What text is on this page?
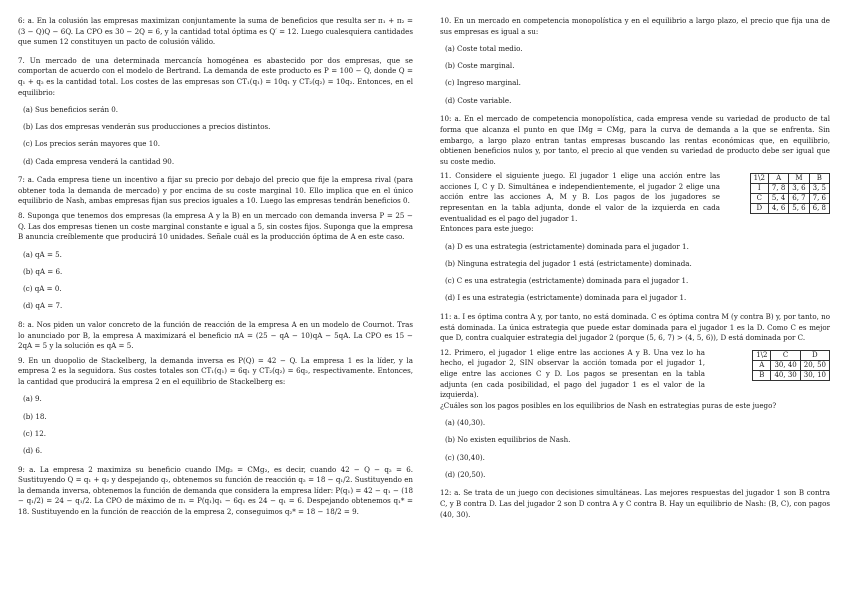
6: a. En la colusión las empresas maximizan conjuntamente la suma de beneficios que resulta ser π₁ + π₂ = (3 − Q)Q − 6Q. La CPO es 30 − 2Q = 6, y la cantidad total óptima es Q′ = 12. Luego cualesquiera cantidades que sumen 12 constituyen un pacto de colusión válido.

7. Un mercado de una determinada mercancía homogénea es abastecido por dos empresas, que se comportan de acuerdo con el modelo de Bertrand. La demanda de este producto es P = 100 − Q, donde Q = q₁ + q₂ es la cantidad total. Los costes de las empresas son CT₁(q₁) = 10q₁ y CT₂(q₂) = 10q₂. Entonces, en el equilibrio:

(a) Sus beneficios serán 0.

(b) Las dos empresas venderán sus producciones a precios distintos.

(c) Los precios serán mayores que 10.

(d) Cada empresa venderá la cantidad 90.

7: a. Cada empresa tiene un incentivo a fijar su precio por debajo del precio que fije la empresa rival (para obtener toda la demanda de mercado) y por encima de su coste marginal 10. Ello implica que en el único equilibrio de Nash, ambas empresas fijan sus precios iguales a 10. Luego las empresas tendrán beneficios 0.

8. Suponga que tenemos dos empresas (la empresa A y la B) en un mercado con demanda inversa P = 25 − Q. Las dos empresas tienen un coste marginal constante e igual a 5, sin costes fijos. Suponga que la empresa B anuncia creíblemente que producirá 10 unidades. Señale cuál es la producción óptima de A en este caso.

(a) qA = 5.

(b) qA = 6.

(c) qA = 0.

(d) qA = 7.

8: a. Nos piden un valor concreto de la función de reacción de la empresa A en un modelo de Cournot. Tras lo anunciado por B, la empresa A maximizará el beneficio πA = (25 − qA − 10)qA − 5qA. La CPO es 15 − 2qA = 5 y la solución es qA = 5.

9. En un duopolio de Stackelberg, la demanda inversa es P(Q) = 42 − Q. La empresa 1 es la líder, y la empresa 2 es la seguidora. Sus costes totales son CT₁(q₁) = 6q₁ y CT₂(q₂) = 6q₂, respectivamente. Entonces, la cantidad que producirá la empresa 2 en el equilibrio de Stackelberg es:

(a) 9.

(b) 18.

(c) 12.

(d) 6.

9: a. La empresa 2 maximiza su beneficio cuando IMg₂ = CMg₂, es decir, cuando 42 − Q − q₂ = 6. Sustituyendo Q = q₁ + q₂ y despejando q₂, obtenemos su función de reacción q₂ = 18 − q₁/2. Sustituyendo en la demanda inversa, obtenemos la función de demanda que considera la empresa líder: P(q₁) = 42 − q₁ − (18 − q₁/2) = 24 − q₁/2. La CPO de máximo de π₁ = P(q₁)q₁ − 6q₁ es 24 − q₁ = 6. Despejando obtenemos q₁* = 18. Sustituyendo en la función de reacción de la empresa 2, conseguimos q₂* = 18 − 18/2 = 9.

10. En un mercado en competencia monopolística y en el equilibrio a largo plazo, el precio que fija una de sus empresas es igual a su:

(a) Coste total medio.

(b) Coste marginal.

(c) Ingreso marginal.

(d) Coste variable.

10: a. En el mercado de competencia monopolística, cada empresa vende su variedad de producto de tal forma que alcanza el punto en que IMg = CMg, para la curva de demanda a la que se enfrenta. Sin embargo, a largo plazo entran tantas empresas buscando las rentas económicas que, en equilibrio, obtienen beneficios nulos y, por tanto, el precio al que venden su variedad de producto debe ser igual que su coste medio.

11. Considere el siguiente juego. El jugador 1 elige una acción entre las acciones I, C y D. Simultánea e independientemente, el jugador 2 elige una acción entre las acciones A, M y B. Los pagos de los jugadores se representan en la tabla adjunta, donde el valor de la izquierda en cada eventualidad es el pago del jugador 1.

1\2	A	M	B
I	7, 8	3, 6	3, 5
C	5, 4	6, 7	7, 6
D	4, 6	5, 6	6, 8

Entonces para este juego:

(a) D es una estrategia (estrictamente) dominada para el jugador 1.

(b) Ninguna estrategia del jugador 1 está (estrictamente) dominada.

(c) C es una estrategia (estrictamente) dominada para el jugador 1.

(d) I es una estrategia (estrictamente) dominada para el jugador 1.

11: a. I es óptima contra A y, por tanto, no está dominada. C es óptima contra M (y contra B) y, por tanto, no está dominada. La única estrategia que puede estar dominada para el jugador 1 es la D. Como C es mejor que D, contra cualquier estrategia del jugador 2 (porque (5, 6, 7) > (4, 5, 6)), D está dominada por C.

12. Primero, el jugador 1 elige entre las acciones A y B. Una vez lo ha hecho, el jugador 2, SIN observar la acción tomada por el jugador 1, elige entre las acciones C y D. Los pagos se presentan en la tabla adjunta (en cada posibilidad, el pago del jugador 1 es el valor de la izquierda).

1\2	C	D
A	30, 40	20, 50
B	40, 30	30, 10

¿Cuáles son los pagos posibles en los equilibrios de Nash en estrategias puras de este juego?

(a) (40,30).

(b) No existen equilibrios de Nash.

(c) (30,40).

(d) (20,50).

12: a. Se trata de un juego con decisiones simultáneas. Las mejores respuestas del jugador 1 son B contra C, y B contra D. Las del jugador 2 son D contra A y C contra B. Hay un equilibrio de Nash: (B, C), con pagos (40, 30).
